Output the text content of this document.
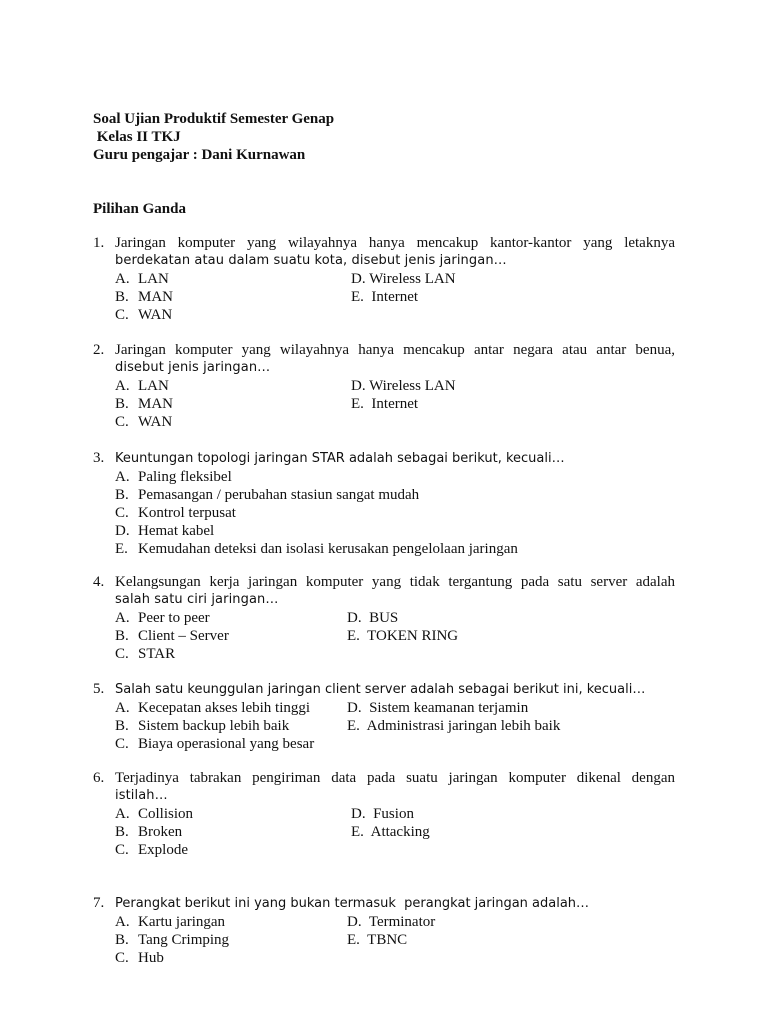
Soal Ujian Produktif Semester Genap
Kelas II TKJ
Guru pengajar : Dani Kurnawan
Pilihan Ganda
1. Jaringan komputer yang wilayahnya hanya mencakup kantor-kantor yang letaknya
berdekatan atau dalam suatu kota, disebut jenis jaringan…
A. LAN	D. Wireless LAN
B. MAN	E. Internet
C. WAN
2. Jaringan komputer yang wilayahnya hanya mencakup antar negara atau antar benua,
disebut jenis jaringan…
A. LAN	D. Wireless LAN
B. MAN	E. Internet
C. WAN
3. Keuntungan topologi jaringan STAR adalah sebagai berikut, kecuali…
A. Paling fleksibel
B. Pemasangan / perubahan stasiun sangat mudah
C. Kontrol terpusat
D. Hemat kabel
E. Kemudahan deteksi dan isolasi kerusakan pengelolaan jaringan
4. Kelangsungan kerja jaringan komputer yang tidak tergantung pada satu server adalah
salah satu ciri jaringan…
A. Peer to peer	D. BUS
B. Client – Server	E. TOKEN RING
C. STAR
5. Salah satu keunggulan jaringan client server adalah sebagai berikut ini, kecuali…
A. Kecepatan akses lebih tinggi D. Sistem keamanan terjamin
B. Sistem backup lebih baik	E. Administrasi jaringan lebih baik
C. Biaya operasional yang besar
6. Terjadinya tabrakan pengiriman data pada suatu jaringan komputer dikenal dengan
istilah…
A. Collision	D. Fusion
B. Broken	E.  Attacking
C. Explode
7. Perangkat berikut ini yang bukan termasuk  perangkat jaringan adalah…
A. Kartu jaringan	D. Terminator
B. Tang Crimping	E. TBNC
C. Hub
